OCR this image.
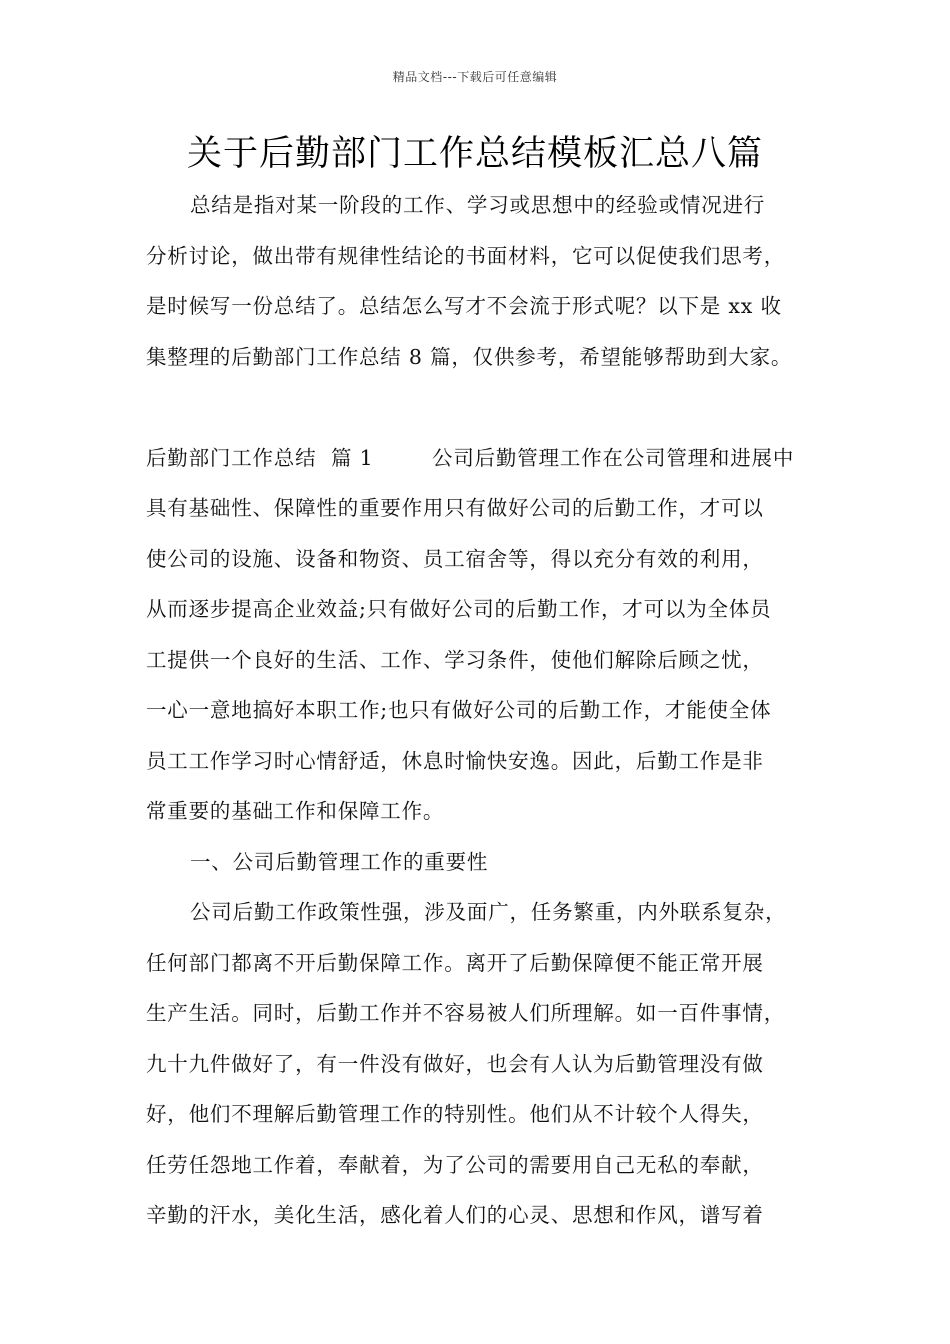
精品文档---下载后可任意编辑
关于后勤部门工作总结模板汇总八篇
总结是指对某一阶段的工作、学习或思想中的经验或情况进行
分析讨论，做出带有规律性结论的书面材料，它可以促使我们思考，
是时候写一份总结了。总结怎么写才不会流于形式呢？以下是 xx 收
集整理的后勤部门工作总结 8 篇，仅供参考，希望能够帮助到大家。
后勤部门工作总结  篇 1        公司后勤管理工作在公司管理和进展中
具有基础性、保障性的重要作用只有做好公司的后勤工作，才可以
使公司的设施、设备和物资、员工宿舍等，得以充分有效的利用，
从而逐步提高企业效益;只有做好公司的后勤工作，才可以为全体员
工提供一个良好的生活、工作、学习条件，使他们解除后顾之忧，
一心一意地搞好本职工作;也只有做好公司的后勤工作，才能使全体
员工工作学习时心情舒适，休息时愉快安逸。因此，后勤工作是非
常重要的基础工作和保障工作。
一、公司后勤管理工作的重要性
公司后勤工作政策性强，涉及面广，任务繁重，内外联系复杂，
任何部门都离不开后勤保障工作。离开了后勤保障便不能正常开展
生产生活。同时，后勤工作并不容易被人们所理解。如一百件事情，
九十九件做好了，有一件没有做好，也会有人认为后勤管理没有做
好，他们不理解后勤管理工作的特别性。他们从不计较个人得失，
任劳任怨地工作着，奉献着，为了公司的需要用自己无私的奉献，
辛勤的汗水，美化生活，感化着人们的心灵、思想和作风，谱写着
